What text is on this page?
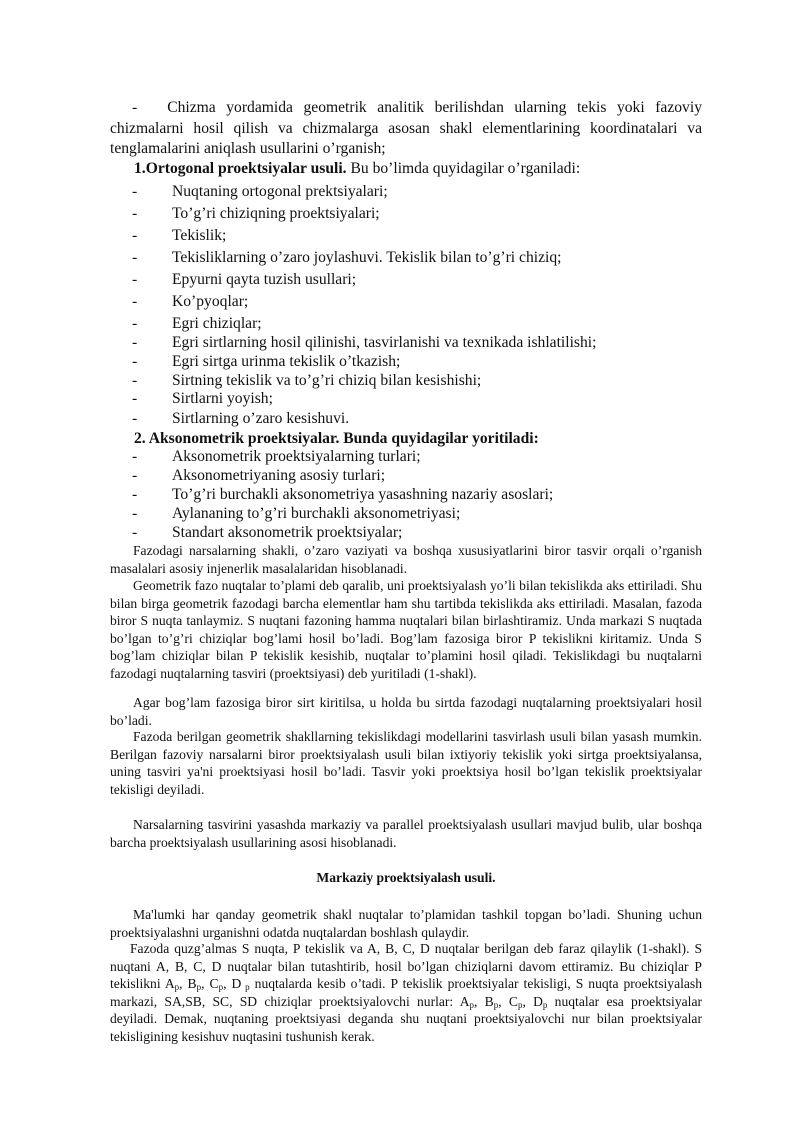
- Chizma yordamida geometrik analitik berilishdan ularning tekis yoki fazoviy chizmalarni hosil qilish va chizmalarga asosan shakl elementlarining koordinatalari va tenglamalarini aniqlash usullarini o’rganish;
1.Ortogonal proektsiyalar usuli. Bu bo’limda quyidagilar o’rganiladi:
- Nuqtaning ortogonal prektsiyalari;
- To’g’ri chiziqning proektsiyalari;
- Tekislik;
- Tekisliklarning o’zaro joylashuvi. Tekislik bilan to’g’ri chiziq;
- Epyurni qayta tuzish usullari;
- Ko’pyoqlar;
- Egri chiziqlar;
- Egri sirtlarning hosil qilinishi, tasvirlanishi va texnikada ishlatilishi;
- Egri sirtga urinma tekislik o’tkazish;
- Sirtning tekislik va to’g’ri chiziq bilan kesishishi;
- Sirtlarni yoyish;
- Sirtlarning o’zaro kesishuvi.
2. Aksonometrik proektsiyalar. Bunda quyidagilar yoritiladi:
- Aksonometrik proektsiyalarning turlari;
- Aksonometriyaning asosiy turlari;
- To’g’ri burchakli aksonometriya yasashning nazariy asoslari;
- Aylananing to’g’ri burchakli aksonometriyasi;
- Standart aksonometrik proektsiyalar;
Fazodagi narsalarning shakli, o’zaro vaziyati va boshqa xususiyatlarini biror tasvir orqali o’rganish masalalari asosiy injenerlik masalalaridan hisoblanadi.
Geometrik fazo nuqtalar to’plami deb qaralib, uni proektsiyalash yo’li bilan tekislikda aks ettiriladi. Shu bilan birga geometrik fazodagi barcha elementlar ham shu tartibda tekislikda aks ettiriladi. Masalan, fazoda biror S nuqta tanlaymiz. S nuqtani fazoning hamma nuqtalari bilan birlashtiramiz. Unda markazi S nuqtada bo’lgan to’g’ri chiziqlar bog’lami hosil bo’ladi. Bog’lam fazosiga biror P tekislikni kiritamiz. Unda S bog’lam chiziqlar bilan P tekislik kesishib, nuqtalar to’plamini hosil qiladi. Tekislikdagi bu nuqtalarni fazodagi nuqtalarning tasviri (proektsiyasi) deb yuritiladi (1-shakl).
Agar bog’lam fazosiga biror sirt kiritilsa, u holda bu sirtda fazodagi nuqtalarning proektsiyalari hosil bo’ladi.
Fazoda berilgan geometrik shakllarning tekislikdagi modellarini tasvirlash usuli bilan yasash mumkin. Berilgan fazoviy narsalarni biror proektsiyalash usuli bilan ixtiyoriy tekislik yoki sirtga proektsiyalansa, uning tasviri ya'ni proektsiyasi hosil bo’ladi. Tasvir yoki proektsiya hosil bo’lgan tekislik proektsiyalar tekisligi deyiladi.
Narsalarning tasvirini yasashda markaziy va parallel proektsiyalash usullari mavjud bulib, ular boshqa barcha proektsiyalash usullarining asosi hisoblanadi.
Markaziy proektsiyalash usuli.
Ma'lumki har qanday geometrik shakl nuqtalar to’plamidan tashkil topgan bo’ladi. Shuning uchun proektsiyalashni urganishni odatda nuqtalardan boshlash qulaydir.
Fazoda quzg’almas S nuqta, P tekislik va A, B, C, D nuqtalar berilgan deb faraz qilaylik (1-shakl). S nuqtani A, B, C, D nuqtalar bilan tutashtirib, hosil bo’lgan chiziqlarni davom ettiramiz. Bu chiziqlar P tekislikni $A_p$, $B_p$, $C_p$, D $_p$ nuqtalarda kesib o’tadi. P tekislik proektsiyalar tekisligi, S nuqta proektsiyalash markazi, SA,SB, SC, SD chiziqlar proektsiyalovchi nurlar: $A_p$, $B_p$, $C_p$, $D_p$ nuqtalar esa proektsiyalar deyiladi. Demak, nuqtaning proektsiyasi deganda shu nuqtani proektsiyalovchi nur bilan proektsiyalar tekisligining kesishuv nuqtasini tushunish kerak.
